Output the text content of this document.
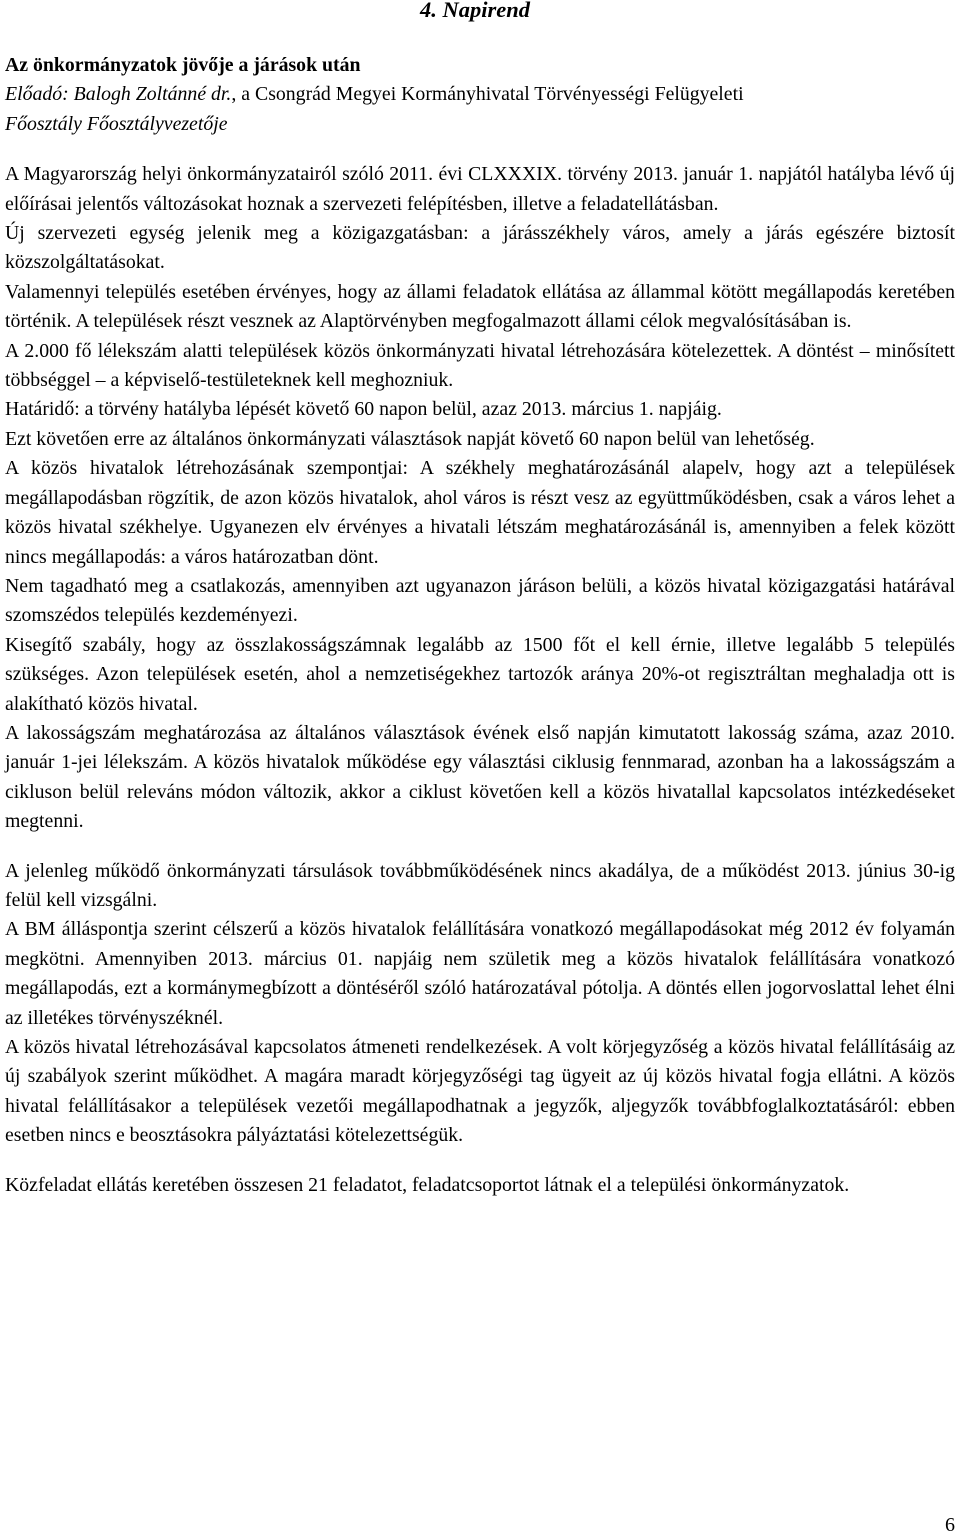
4. Napirend

Az önkormányzatok jövője a járások után

Előadó: Balogh Zoltánné dr., a Csongrád Megyei Kormányhivatal Törvényességi Felügyeleti

Főosztály Főosztályvezetője

A Magyarország helyi önkormányzatairól szóló 2011. évi CLXXXIX. törvény 2013. január 1. napjától hatályba lévő új előírásai jelentős változásokat hoznak a szervezeti felépítésben, illetve a feladatellátásban.

Új szervezeti egység jelenik meg a közigazgatásban: a járásszékhely város, amely a járás egészére biztosít közszolgáltatásokat.

Valamennyi település esetében érvényes, hogy az állami feladatok ellátása az állammal kötött megállapodás keretében történik. A települések részt vesznek az Alaptörvényben megfogalmazott állami célok megvalósításában is.

A 2.000 fő lélekszám alatti települések közös önkormányzati hivatal létrehozására kötelezettek. A döntést – minősített többséggel – a képviselő-testületeknek kell meghozniuk.

Határidő: a törvény hatályba lépését követő 60 napon belül, azaz 2013. március 1. napjáig.

Ezt követően erre az általános önkormányzati választások napját követő 60 napon belül van lehetőség.

A közös hivatalok létrehozásának szempontjai: A székhely meghatározásánál alapelv, hogy azt a települések megállapodásban rögzítik, de azon közös hivatalok, ahol város is részt vesz az együttműködésben, csak a város lehet a közös hivatal székhelye. Ugyanezen elv érvényes a hivatali létszám meghatározásánál is, amennyiben a felek között nincs megállapodás: a város határozatban dönt.

Nem tagadható meg a csatlakozás, amennyiben azt ugyanazon járáson belüli, a közös hivatal közigazgatási határával szomszédos település kezdeményezi.

Kisegítő szabály, hogy az összlakosságszámnak legalább az 1500 főt el kell érnie, illetve legalább 5 település szükséges. Azon települések esetén, ahol a nemzetiségekhez tartozók aránya 20%-ot regisztráltan meghaladja ott is alakítható közös hivatal.

A lakosságszám meghatározása az általános választások évének első napján kimutatott lakosság száma, azaz 2010. január 1-jei lélekszám. A közös hivatalok működése egy választási ciklusig fennmarad, azonban ha a lakosságszám a cikluson belül releváns módon változik, akkor a ciklust követően kell a közös hivatallal kapcsolatos intézkedéseket megtenni.

A jelenleg működő önkormányzati társulások továbbműködésének nincs akadálya, de a működést 2013. június 30-ig felül kell vizsgálni.

A BM álláspontja szerint célszerű a közös hivatalok felállítására vonatkozó megállapodásokat még 2012 év folyamán megkötni. Amennyiben 2013. március 01. napjáig nem születik meg a közös hivatalok felállítására vonatkozó megállapodás, ezt a kormánymegbízott a döntéséről szóló határozatával pótolja. A döntés ellen jogorvoslattal lehet élni az illetékes törvényszéknél.

A közös hivatal létrehozásával kapcsolatos átmeneti rendelkezések. A volt körjegyzőség a közös hivatal felállításáig az új szabályok szerint működhet. A magára maradt körjegyzőségi tag ügyeit az új közös hivatal fogja ellátni. A közös hivatal felállításakor a települések vezetői megállapodhatnak a jegyzők, aljegyzők továbbfoglalkoztatásáról: ebben esetben nincs e beosztásokra pályáztatási kötelezettségük.

Közfeladat ellátás keretében összesen 21 feladatot, feladatcsoportot látnak el a települési önkormányzatok.

6
